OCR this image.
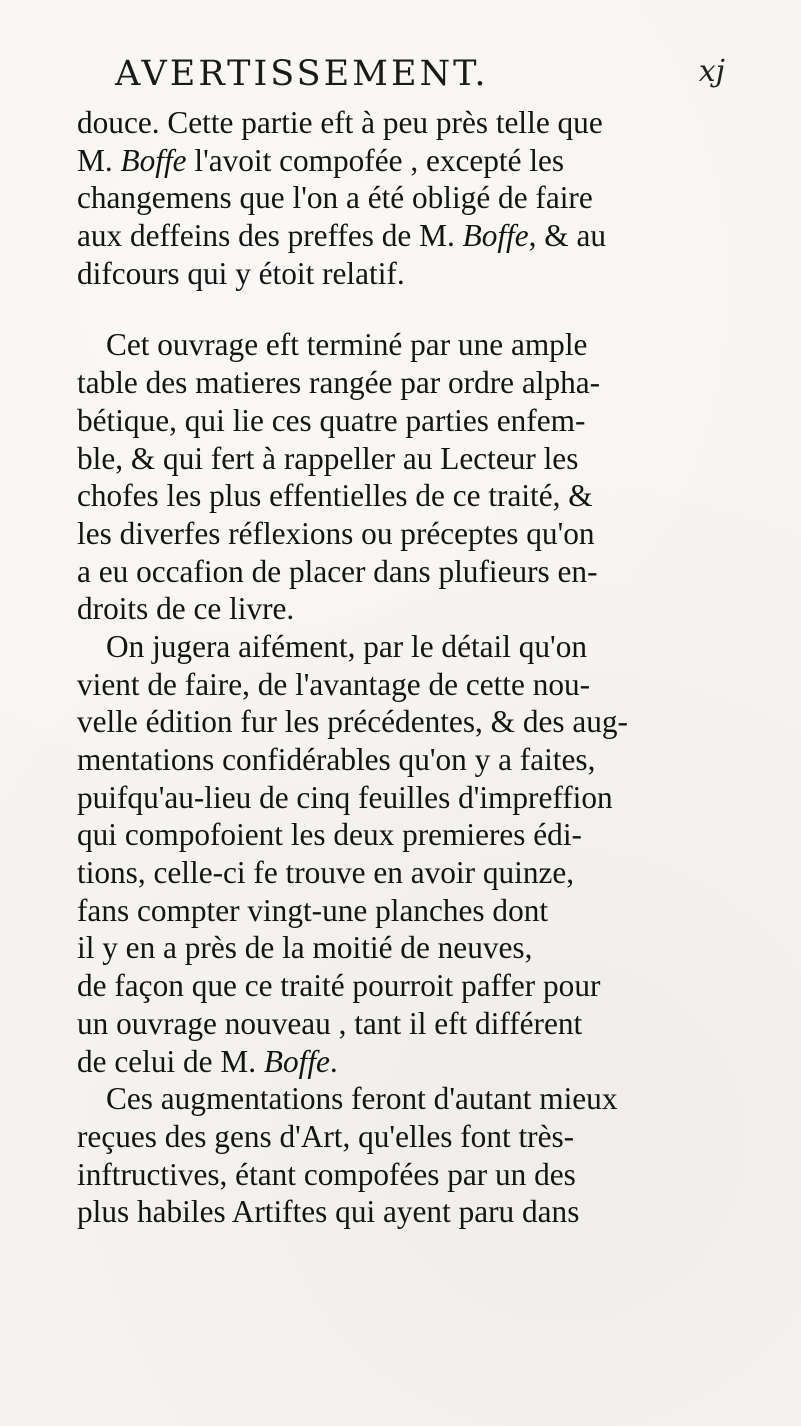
AVERTISSEMENT.	xj
douce. Cette partie eft à peu près telle que
M. Boffe l'avoit compofée , excepté les
changemens que l'on a été obligé de faire
aux deffeins des preffes de M. Boffe, & au
difcours qui y étoit relatif.
Cet ouvrage eft terminé par une ample
table des matieres rangée par ordre alpha-
bétique, qui lie ces quatre parties enfem-
ble, & qui fert à rappeller au Lecteur les
chofes les plus effentielles de ce traité, &
les diverfes réflexions ou préceptes qu'on
a eu occafion de placer dans plufieurs en-
droits de ce livre.
On jugera aifément, par le détail qu'on
vient de faire, de l'avantage de cette nou-
velle édition fur les précédentes, & des aug-
mentations confidérables qu'on y a faites,
puifqu'au-lieu de cinq feuilles d'impreffion
qui compofoient les deux premieres édi-
tions, celle-ci fe trouve en avoir quinze,
fans compter vingt-une planches dont
il y en a près de la moitié de neuves,
de façon que ce traité pourroit paffer pour
un ouvrage nouveau , tant il eft différent
de celui de M. Boffe.
Ces augmentations feront d'autant mieux
reçues des gens d'Art, qu'elles font très-
inftructives, étant compofées par un des
plus habiles Artiftes qui ayent paru dans
